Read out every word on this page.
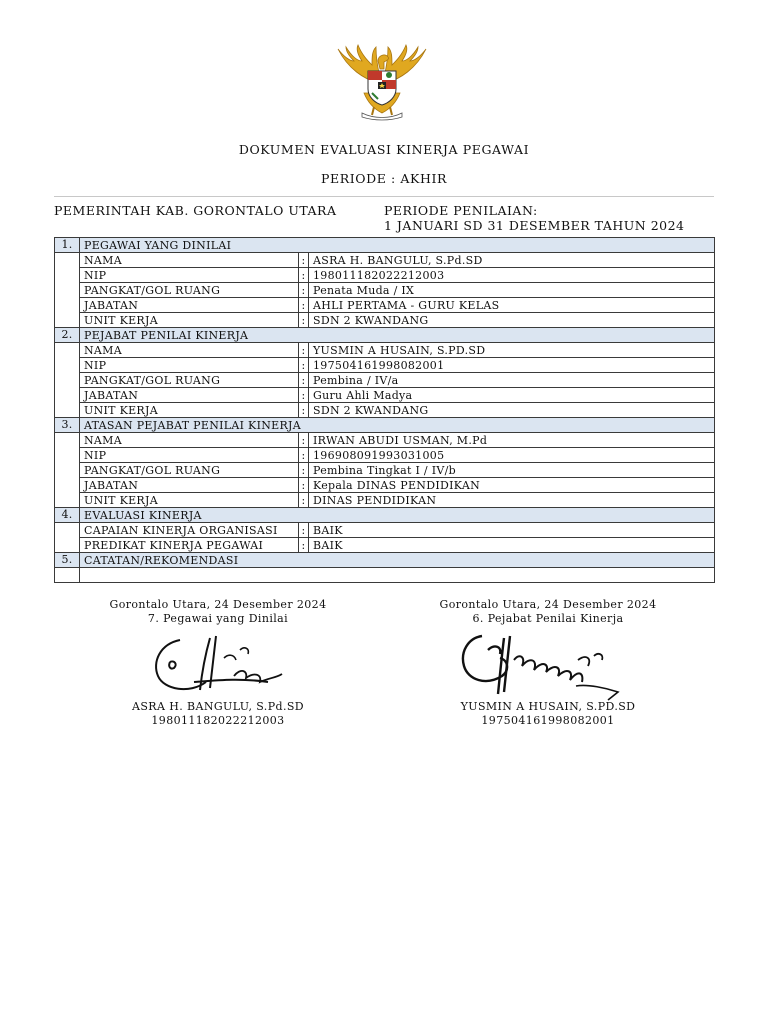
DOKUMEN EVALUASI KINERJA PEGAWAI
PERIODE : AKHIR
PEMERINTAH KAB. GORONTALO UTARA	PERIODE PENILAIAN:
1 JANUARI SD 31 DESEMBER TAHUN 2024
1.	PEGAWAI YANG DINILAI		
	NAMA	:	ASRA H. BANGULU, S.Pd.SD
	NIP	:	198011182022212003
	PANGKAT/GOL RUANG	:	Penata Muda / IX
	JABATAN	:	AHLI PERTAMA - GURU KELAS
	UNIT KERJA	:	SDN 2 KWANDANG
2.	PEJABAT PENILAI KINERJA		
	NAMA	:	YUSMIN A HUSAIN, S.PD.SD
	NIP	:	197504161998082001
	PANGKAT/GOL RUANG	:	Pembina / IV/a
	JABATAN	:	Guru Ahli Madya
	UNIT KERJA	:	SDN 2 KWANDANG
3.	ATASAN PEJABAT PENILAI KINERJA		
	NAMA	:	IRWAN ABUDI USMAN, M.Pd
	NIP	:	196908091993031005
	PANGKAT/GOL RUANG	:	Pembina Tingkat I / IV/b
	JABATAN	:	Kepala DINAS PENDIDIKAN
	UNIT KERJA	:	DINAS PENDIDIKAN
4.	EVALUASI KINERJA		
	CAPAIAN KINERJA ORGANISASI	:	BAIK
	PREDIKAT KINERJA PEGAWAI	:	BAIK
5.	CATATAN/REKOMENDASI		

Gorontalo Utara, 24 Desember 2024
7. Pegawai yang Dinilai
ASRA H. BANGULU, S.Pd.SD
198011182022212003
Gorontalo Utara, 24 Desember 2024
6. Pejabat Penilai Kinerja
YUSMIN A HUSAIN, S.PD.SD
197504161998082001
